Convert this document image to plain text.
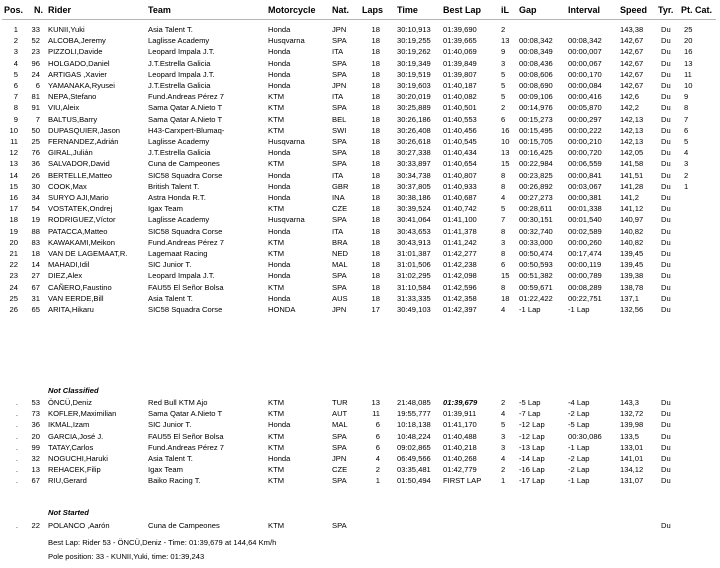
Pos. N. Rider	Team	Motorcycle Nat. Laps Time	Best Lap iL Gap	Interval Speed Tyr. Pt. Cat.
1	33 KUNII,Yuki	Asia Talent T.	Honda	JPN	18 30:10,913 01:39,690	2	143,38 Du 25
2	52 ALCOBA,Jeremy	Laglisse Academy	Husqvarna	SPA	18 30:19,255 01:39,665	13 00:08,342 00:08,342 142,67 Du 20
3	23 PIZZOLI,Davide	Leopard Impala J.T.	Honda	ITA	18 30:19,262 01:40,069	9 00:08,349 00:00,007 142,67 Du 16
4	96 HOLGADO,Daniel	J.T.Estrella Galicia	Honda	SPA	18 30:19,349 01:39,849	3 00:08,436 00:00,067 142,67 Du 13
5	24 ARTIGAS ,Xavier	Leopard Impala J.T.	Honda	SPA	18 30:19,519 01:39,807	5 00:08,606 00:00,170 142,67 Du 11
6	6 YAMANAKA,Ryusei	J.T.Estrella Galicia	Honda	JPN	18 30:19,603 01:40,187	5 00:08,690 00:00,084 142,67 Du 10
7	81 NEPA,Stefano	Fund.Andreas Pérez 7	KTM	ITA	18 30:20,019 01:40,082	5 00:09,106 00:00,416 142,6	Du 9
8	91 VIU,Aleix	Sama Qatar A.Nieto T	KTM	SPA	18 30:25,889 01:40,501	2 00:14,976 00:05,870 142,2	Du 8
9	7 BALTUS,Barry	Sama Qatar A.Nieto T	KTM	BEL	18 30:26,186 01:40,553	6 00:15,273 00:00,297 142,13 Du 7
10	50 DUPASQUIER,Jason	H43-Carxpert-Blumaq-	KTM	SWI	18 30:26,408 01:40,456	16 00:15,495 00:00,222 142,13 Du 6
11	25 FERNANDEZ,Adrián	Laglisse Academy	Husqvarna	SPA	18 30:26,618 01:40,545	10 00:15,705 00:00,210 142,13 Du 5
12	76 GIRAL,Julián	J.T.Estrella Galicia	Honda	SPA	18 30:27,338 01:40,434	13 00:16,425 00:00,720 142,05 Du 4
13	36 SALVADOR,David	Cuna de Campeones	KTM	SPA	18 30:33,897 01:40,654	15 00:22,984 00:06,559 141,58 Du 3
14	26 BERTELLE,Matteo	SIC58 Squadra Corse	Honda	ITA	18 30:34,738 01:40,807	8 00:23,825 00:00,841 141,51 Du 2
15	30 COOK,Max	British Talent T.	Honda	GBR	18 30:37,805 01:40,933	8 00:26,892 00:03,067 141,28 Du 1
16	34 SURYO AJI,Mario	Astra Honda R.T.	Honda	INA	18 30:38,186 01:40,687	4 00:27,273 00:00,381 141,2	Du
17	54 VOSTATEK,Ondrej	Igax Team	KTM	CZE	18 30:39,524 01:40,742	5 00:28,611 00:01,338 141,12 Du
18	19 RODRIGUEZ,Víctor	Laglisse Academy	Husqvarna	SPA	18 30:41,064 01:41,100	7 00:30,151 00:01,540 140,97 Du
19	88 PATACCA,Matteo	SIC58 Squadra Corse	Honda	ITA	18 30:43,653 01:41,378	8 00:32,740 00:02,589 140,82 Du
20	83 KAWAKAMI,Meikon	Fund.Andreas Pérez 7	KTM	BRA	18 30:43,913 01:41,242	3 00:33,000 00:00,260 140,82 Du
21	18 VAN DE LAGEMAAT,R.	Lagemaat Racing	KTM	NED	18 31:01,387 01:42,277	8 00:50,474 00:17,474 139,45 Du
22	14 MAHADI,Idil	SIC Junior T.	Honda	MAL	18 31:01,506 01:42,238	6 00:50,593 00:00,119 139,45 Du
23	27 DIEZ,Alex	Leopard Impala J.T.	Honda	SPA	18 31:02,295 01:42,098	15 00:51,382 00:00,789 139,38 Du
24	67 CAÑERO,Faustino	FAU55 El Señor Bolsa	KTM	SPA	18 31:10,584 01:42,596	8 00:59,671 00:08,289 138,78 Du
25	31 VAN EERDE,Bill	Asia Talent T.	Honda	AUS	18 31:33,335 01:42,358	18 01:22,422 00:22,751 137,1	Du
26	65 ARITA,Hikaru	SIC58 Squadra Corse	HONDA	JPN	17 30:49,103 01:42,397	4 -1 Lap	-1 Lap	132,56 Du
Not Classified
.	53 ÖNCÜ,Deniz	Red Bull KTM Ajo	KTM	TUR	13 21:48,085 01:39,679	2 -5 Lap	-4 Lap	143,3	Du
.	73 KOFLER,Maximilian	Sama Qatar A.Nieto T	KTM	AUT	11 19:55,777 01:39,911	4 -7 Lap	-2 Lap	132,72 Du
.	36 IKMAL,Izam	SIC Junior T.	Honda	MAL	6 10:18,138 01:41,170	5 -12 Lap	-5 Lap	139,98 Du
.	20 GARCIA,José J.	FAU55 El Señor Bolsa	KTM	SPA	6 10:48,224 01:40,488	3 -12 Lap	00:30,086 133,5	Du
.	99 TATAY,Carlos	Fund.Andreas Pérez 7	KTM	SPA	6 09:02,865 01:40,218	3 -13 Lap	-1 Lap	133,01 Du
.	32 NOGUCHI,Haruki	Asia Talent T.	Honda	JPN	4 06:49,566 01:40,268	4 -14 Lap	-2 Lap	141,01 Du
.	13 REHACEK,Filip	Igax Team	KTM	CZE	2 03:35,481 01:42,779	2 -16 Lap	-2 Lap	134,12 Du
.	67 RIU,Gerard	Baiko Racing T.	KTM	SPA	1 01:50,494 FIRST LAP	1 -17 Lap	-1 Lap	131,07 Du
Not Started
.	22 POLANCO ,Aarón	Cuna de Campeones	KTM	SPA	Du
Best Lap: Rider 53 - ÖNCÜ,Deniz - Time: 01:39,679 at 144,64 Km/h
Pole position: 33 - KUNII,Yuki, time: 01:39,243
